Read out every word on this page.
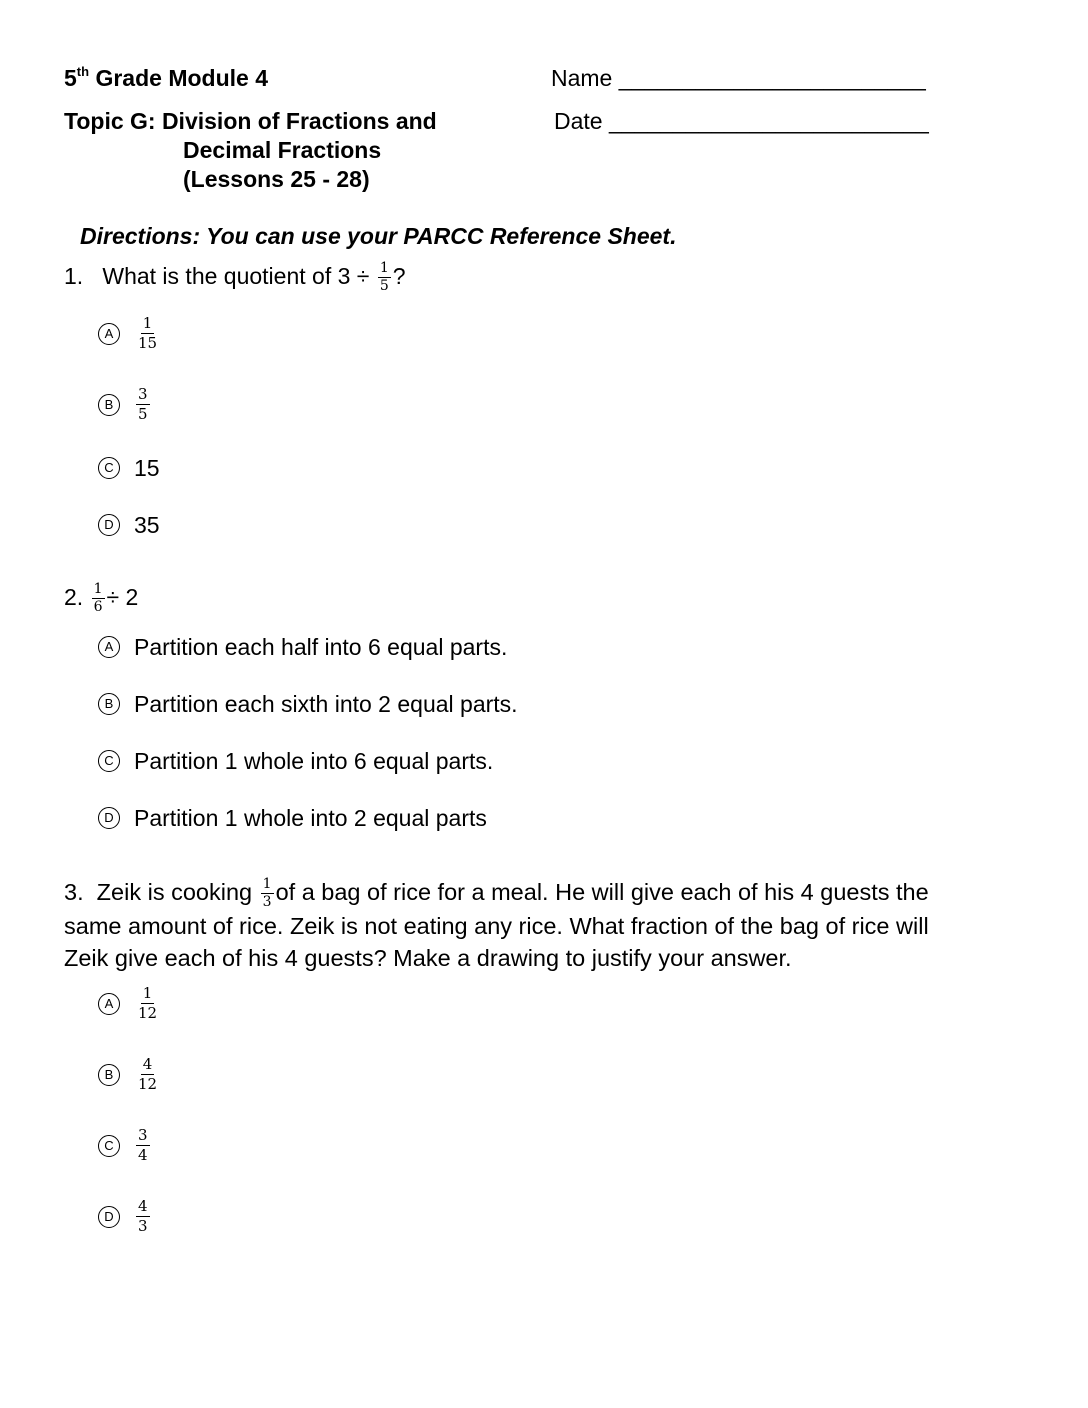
5th Grade Module 4	Name ________________________
Topic G: Division of Fractions and
Decimal Fractions
(Lessons 25 - 28)
Date _________________________
Directions: You can use your PARCC Reference Sheet.
1. What is the quotient of $3 \div \frac{1}{5}$ ?
A	$\frac{1}{15}$
B	$\frac{3}{5}$
C 15
D 35
2. $\frac{1}{6} \div 2$
A Partition each half into 6 equal parts.
B Partition each sixth into 2 equal parts.
C Partition 1 whole into 6 equal parts.
D Partition 1 whole into 2 equal parts
3. Zeik is cooking $\frac{1}{3}$ of a bag of rice for a meal. He will give each of his 4 guests the
same amount of rice. Zeik is not eating any rice. What fraction of the bag of rice will
Zeik give each of his 4 guests? Make a drawing to justify your answer.
A	$\frac{1}{12}$
B	$\frac{4}{12}$
C	$\frac{3}{4}$
D	$\frac{4}{3}$
